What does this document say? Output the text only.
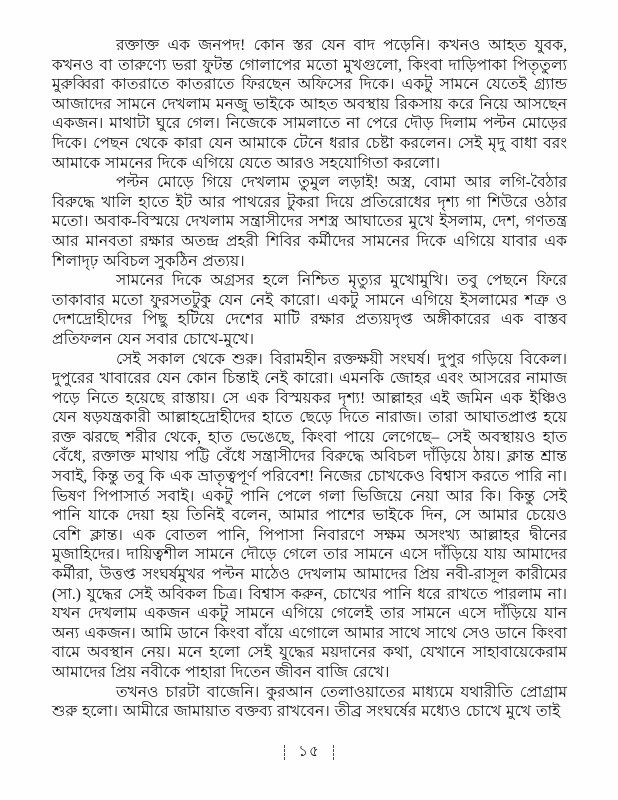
রক্তাক্ত এক জনপদ! কোন স্তর যেন বাদ পড়েনি। কখনও আহত যুবক, কখনও বা তারুণ্যে ভরা ফুটন্ত গোলাপের মতো মুখগুলো, কিংবা দাড়িপাকা পিতৃতুল্য মুরুব্বিরা কাতরাতে কাতরাতে ফিরছেন অফিসের দিকে। একটু সামনে যেতেই গ্র্যান্ড আজাদের সামনে দেখলাম মনজু ভাইকে আহত অবস্থায় রিকসায় করে নিয়ে আসছেন একজন। মাথাটা ঘুরে গেল। নিজেকে সামলাতে না পেরে দৌড় দিলাম পল্টন মোড়ের দিকে। পেছন থেকে কারা যেন আমাকে টেনে ধরার চেষ্টা করলেন। সেই মৃদু বাধা বরং আমাকে সামনের দিকে এগিয়ে যেতে আরও সহযোগিতা করলো।

পল্টন মোড়ে গিয়ে দেখলাম তুমুল লড়াই! অস্ত্র, বোমা আর লগি-বৈঠার বিরুদ্ধে খালি হাতে ইট আর পাথরের টুকরা দিয়ে প্রতিরোধের দৃশ্য গা শিউরে ওঠার মতো। অবাক-বিস্ময়ে দেখলাম সন্ত্রাসীদের সশস্ত্র আঘাতের মুখে ইসলাম, দেশ, গণতন্ত্র আর মানবতা রক্ষার অতন্দ্র প্রহরী শিবির কর্মীদের সামনের দিকে এগিয়ে যাবার এক শিলাদৃঢ় অবিচল সুকঠিন প্রত্যয়।

সামনের দিকে অগ্রসর হলে নিশ্চিত মৃত্যুর মুখোমুখি। তবু পেছনে ফিরে তাকাবার মতো ফুরসতটুকু যেন নেই কারো। একটু সামনে এগিয়ে ইসলামের শত্রু ও দেশদ্রোহীদের পিছু হটিয়ে দেশের মাটি রক্ষার প্রত্যয়দৃপ্ত অঙ্গীকারের এক বাস্তব প্রতিফলন যেন সবার চোখে-মুখে।

সেই সকাল থেকে শুরু। বিরামহীন রক্তক্ষয়ী সংঘর্ষ। দুপুর গড়িয়ে বিকেল। দুপুরের খাবারের যেন কোন চিন্তাই নেই কারো। এমনকি জোহর এবং আসরের নামাজ পড়ে নিতে হয়েছে রাস্তায়। সে এক বিস্ময়কর দৃশ্য! আল্লাহর এই জমিন এক ইঞ্চিও যেন ষড়যন্ত্রকারী আল্লাহদ্রোহীদের হাতে ছেড়ে দিতে নারাজ। তারা আঘাতপ্রাপ্ত হয়ে রক্ত ঝরছে শরীর থেকে, হাত ভেঙেছে, কিংবা পায়ে লেগেছে– সেই অবস্থায়ও হাত বেঁধে, রক্তাক্ত মাথায় পট্টি বেঁধে সন্ত্রাসীদের বিরুদ্ধে অবিচল দাঁড়িয়ে ঠায়। ক্লান্ত শ্রান্ত সবাই, কিন্তু তবু কি এক ভ্রাতৃত্বপূর্ণ পরিবেশ! নিজের চোখকেও বিশ্বাস করতে পারি না। ভিষণ পিপাসার্ত সবাই। একটু পানি পেলে গলা ভিজিয়ে নেয়া আর কি। কিন্তু সেই পানি যাকে দেয়া হয় তিনিই বলেন, আমার পাশের ভাইকে দিন, সে আমার চেয়েও বেশি ক্লান্ত। এক বোতল পানি, পিপাসা নিবারণে সক্ষম অসংখ্য আল্লাহর দ্বীনের মুজাহিদের। দায়িত্বশীল সামনে দৌড়ে গেলে তার সামনে এসে দাঁড়িয়ে যায় আমাদের কর্মীরা, উত্তপ্ত সংঘর্ষমুখর পল্টন মাঠেও দেখলাম আমাদের প্রিয় নবী-রাসূল কারীমের (সা.) যুদ্ধের সেই অবিকল চিত্র। বিশ্বাস করুন, চোখের পানি ধরে রাখতে পারলাম না। যখন দেখলাম একজন একটু সামনে এগিয়ে গেলেই তার সামনে এসে দাঁড়িয়ে যান অন্য একজন। আমি ডানে কিংবা বাঁয়ে এগোলে আমার সাথে সাথে সেও ডানে কিংবা বামে অবস্থান নেয়। মনে হলো সেই যুদ্ধের ময়দানের কথা, যেখানে সাহাবায়েকেরাম আমাদের প্রিয় নবীকে পাহারা দিতেন জীবন বাজি রেখে।

তখনও চারটা বাজেনি। কুরআন তেলাওয়াতের মাধ্যমে যথারীতি প্রোগ্রাম শুরু হলো। আমীরে জামায়াত বক্তব্য রাখবেন। তীব্র সংঘর্ষের মধ্যেও চোখে মুখে তাই

১৫
